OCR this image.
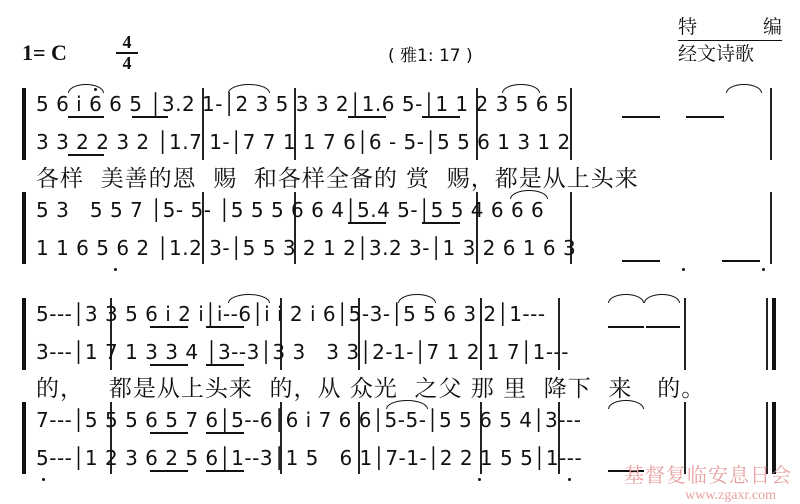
1= C	4
4	( 雅1: 17 )
特	编
经文诗歌
5 6 i 6 6 5 │3.2 1-│2 3 5 3 3 2│1.6 5-│1 1 2 3 5 6 5
3 3 2 2 3 2 │1.7 1-│7 7 1 1 7 6│6 - 5-│5 5 6 1 3 1 2
各样  美善的恩  赐  和各样全备的 赏  赐，都是从上头来
5 3   5 5 7 │5- 5- │5 5 5 6 6 4│5.4 5-│5 5 4 6 6 6
1 1 6 5 6 2 │1.2 3-│5 5 3 2 1 2│3.2 3-│1 3 2 6 1 6 3
5---│3 3 5 6 i 2 i│i--6│i i 2 i 6│5-3-│5 5 6 3 2│1---
3---│1 7 1 3 3 4 │3--3│3 3   3 3│2-1-│7 1 2 1 7│1---
的，   都是从上头来  的，从 众光  之父 那 里  降下  来   的。
7---│5 5 5 6 5 7 6│5--6│6 i 7 6 6│5-5-│5 5 6 5 4│3---
5---│1 2 3 6 2 5 6│1--3│1 5   6 1│7-1-│2 2 1 5 5│1---
基督复临安息日会
www.zgaxr.com
